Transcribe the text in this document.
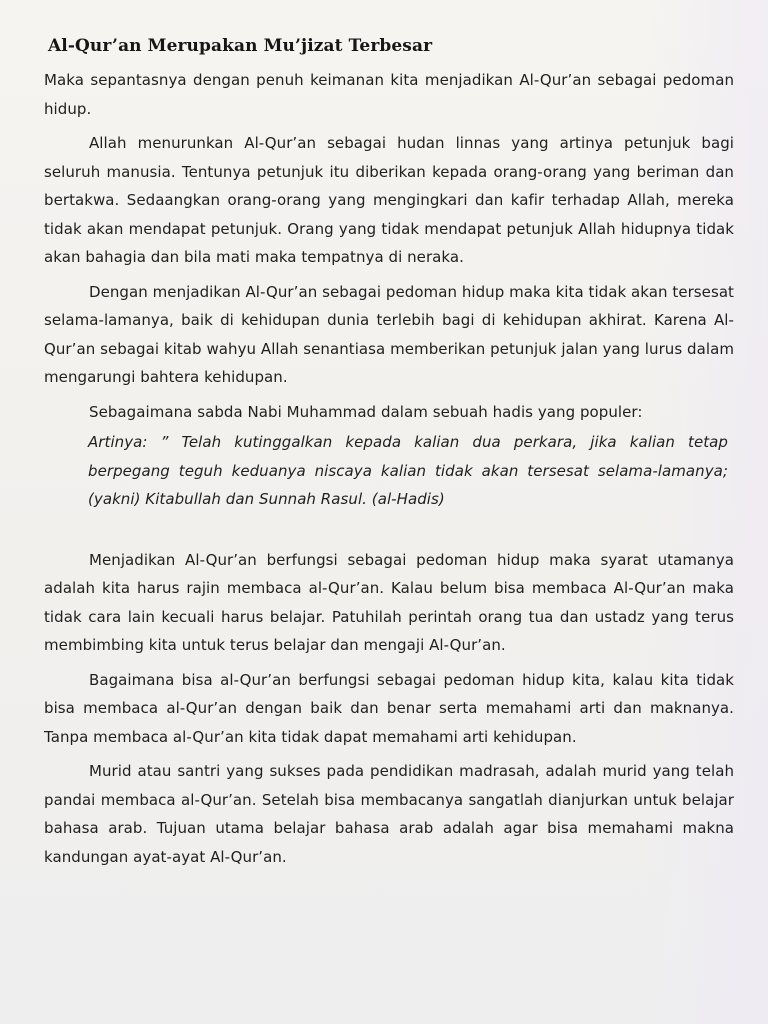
Al-Qur’an Merupakan Mu’jizat Terbesar

Maka sepantasnya dengan penuh keimanan kita menjadikan Al-Qur’an sebagai pedoman hidup.

Allah menurunkan Al-Qur’an sebagai hudan linnas yang artinya petunjuk bagi seluruh manusia. Tentunya petunjuk itu diberikan kepada orang-orang yang beriman dan bertakwa. Sedaangkan orang-orang yang mengingkari dan kafir terhadap Allah, mereka tidak akan mendapat petunjuk. Orang yang tidak mendapat petunjuk Allah hidupnya tidak akan bahagia dan bila mati maka tempatnya di neraka.

Dengan menjadikan Al-Qur’an sebagai pedoman hidup maka kita tidak akan tersesat selama-lamanya, baik di kehidupan dunia terlebih bagi di kehidupan akhirat. Karena Al-Qur’an sebagai kitab wahyu Allah senantiasa memberikan petunjuk jalan yang lurus dalam mengarungi bahtera kehidupan.

Sebagaimana sabda Nabi Muhammad dalam sebuah hadis yang populer:

Artinya: ” Telah kutinggalkan kepada kalian dua perkara, jika kalian tetap berpegang teguh keduanya niscaya kalian tidak akan tersesat selama-lamanya; (yakni) Kitabullah dan Sunnah Rasul. (al-Hadis)

Menjadikan Al-Qur’an berfungsi sebagai pedoman hidup maka syarat utamanya adalah kita harus rajin membaca al-Qur’an. Kalau belum bisa membaca Al-Qur’an maka tidak cara lain kecuali harus belajar. Patuhilah perintah orang tua dan ustadz yang terus membimbing kita untuk terus belajar dan mengaji Al-Qur’an.

Bagaimana bisa al-Qur’an berfungsi sebagai pedoman hidup kita, kalau kita tidak bisa membaca al-Qur’an dengan baik dan benar serta memahami arti dan maknanya. Tanpa membaca al-Qur’an kita tidak dapat memahami arti kehidupan.

Murid atau santri yang sukses pada pendidikan madrasah, adalah murid yang telah pandai membaca al-Qur’an. Setelah bisa membacanya sangatlah dianjurkan untuk belajar bahasa arab. Tujuan utama belajar bahasa arab adalah agar bisa memahami makna kandungan ayat-ayat Al-Qur’an.
